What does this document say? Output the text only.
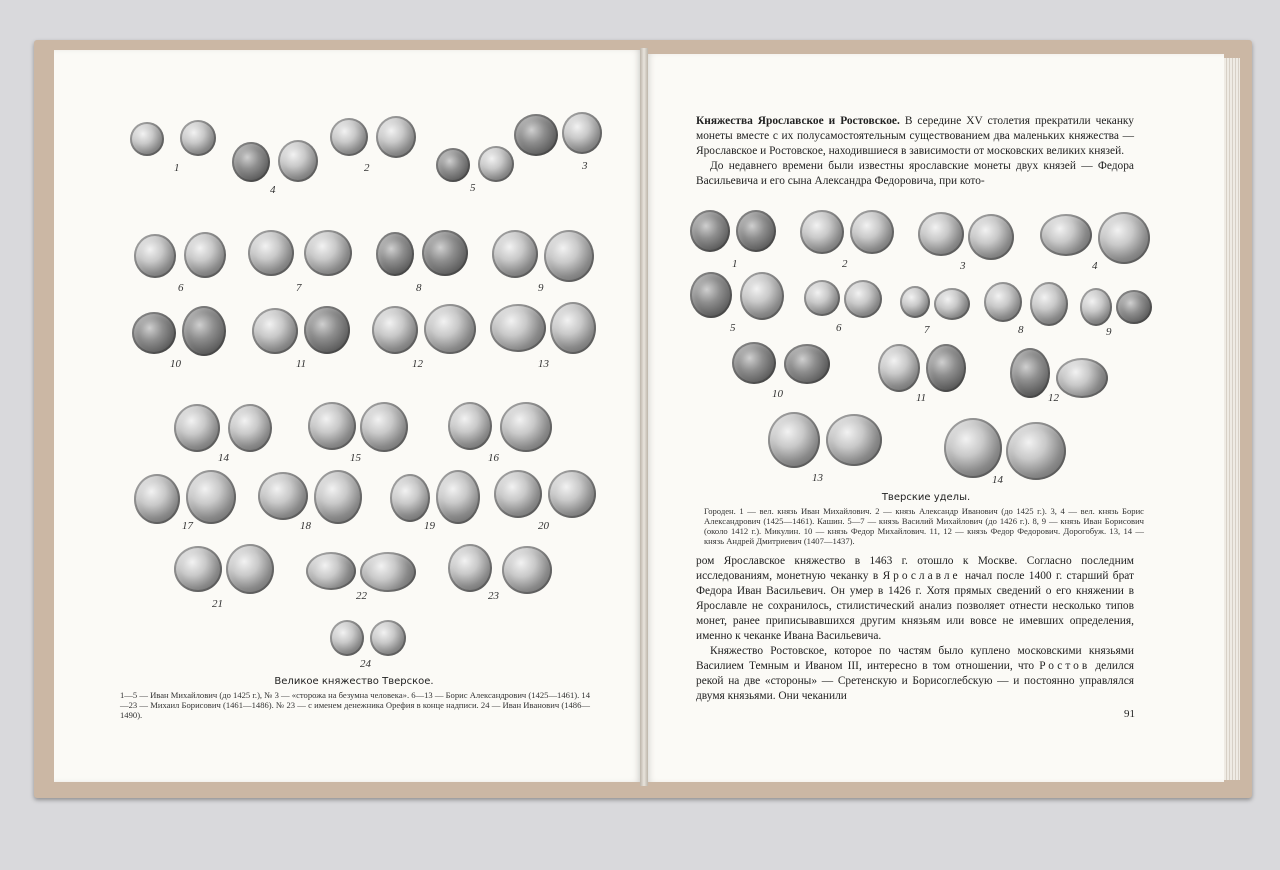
1	2	3
4	5
6	7	8	9
10	11	12	13
14	15	16
17	18	19	20
21
22	23
24
Великое княжество Тверское.
1—5 — Иван Михайлович (до 1425 г.), № 3 — «сторожа на безумна человека». 6—13 — Борис Александрович (1425—1461). 14—23 — Михаил Борисович (1461—1486). № 23 — с именем денежника Орефия в конце надписи. 24 — Иван Иванович (1486—1490).

Княжества Ярославское и Ростовское. В середине XV столетия прекратили чеканку монеты вместе с их полусамостоятельным существованием два маленьких княжества — Ярославское и Ростовское, находившиеся в зависимости от московских великих князей.

До недавнего времени были известны ярославские монеты двух князей — Федора Васильевича и его сына Александра Федоровича, при кото-

1	2	3	4
5	6	7	8	9
10	11	12
13	14
Тверские уделы.
Городен. 1 — вел. князь Иван Михайлович. 2 — князь Александр Иванович (до 1425 г.). 3, 4 — вел. князь Борис Александрович (1425—1461). Кашин. 5—7 — князь Василий Михайлович (до 1426 г.). 8, 9 — князь Иван Борисович (около 1412 г.). Микулин. 10 — князь Федор Михайлович. 11, 12 — князь Федор Федорович. Дорогобуж. 13, 14 — князь Андрей Дмитриевич (1407—1437).

ром Ярославское княжество в 1463 г. отошло к Москве. Согласно последним исследованиям, монетную чеканку в Ярославле начал после 1400 г. старший брат Федора Иван Васильевич. Он умер в 1426 г. Хотя прямых сведений о его княжении в Ярославле не сохранилось, стилистический анализ позволяет отнести несколько типов монет, ранее приписывавшихся другим князьям или вовсе не имевших определения, именно к чеканке Ивана Васильевича.

Княжество Ростовское, которое по частям было куплено московскими князьями Василием Темным и Иваном III, интересно в том отношении, что Ростов делился рекой на две «стороны» — Сретенскую и Борисоглебскую — и постоянно управлялся двумя князьями. Они чеканили

91
